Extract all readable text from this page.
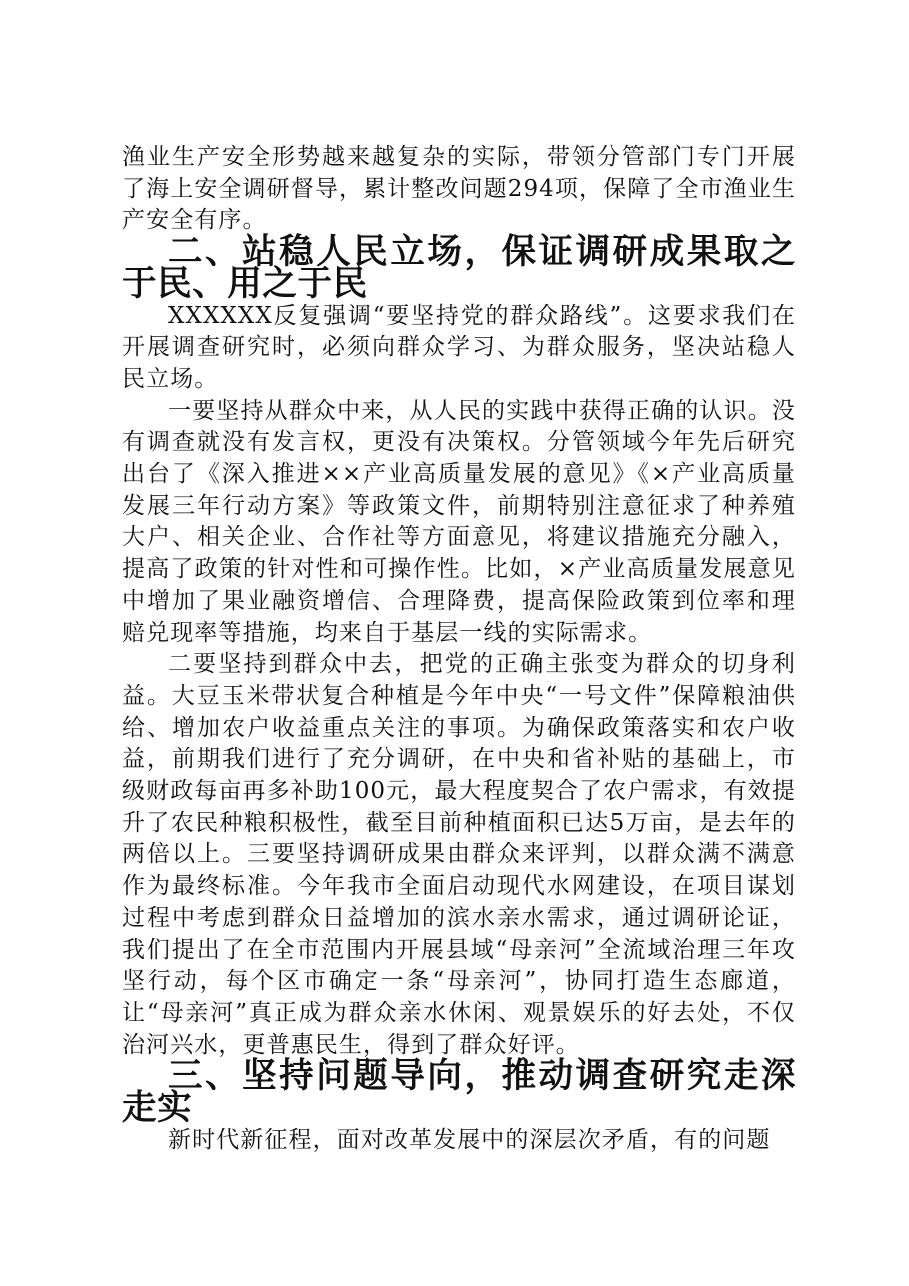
渔业生产安全形势越来越复杂的实际，带领分管部门专门开展了海上安全调研督导，累计整改问题294项，保障了全市渔业生产安全有序。

二、站稳人民立场，保证调研成果取之于民、用之于民

XXXXXX反复强调“要坚持党的群众路线”。这要求我们在开展调查研究时，必须向群众学习、为群众服务，坚决站稳人民立场。

一要坚持从群众中来，从人民的实践中获得正确的认识。没有调查就没有发言权，更没有决策权。分管领域今年先后研究出台了《深入推进××产业高质量发展的意见》《×产业高质量发展三年行动方案》等政策文件，前期特别注意征求了种养殖大户、相关企业、合作社等方面意见，将建议措施充分融入，提高了政策的针对性和可操作性。比如，×产业高质量发展意见中增加了果业融资增信、合理降费，提高保险政策到位率和理赔兑现率等措施，均来自于基层一线的实际需求。

二要坚持到群众中去，把党的正确主张变为群众的切身利益。大豆玉米带状复合种植是今年中央“一号文件”保障粮油供给、增加农户收益重点关注的事项。为确保政策落实和农户收益，前期我们进行了充分调研，在中央和省补贴的基础上，市级财政每亩再多补助100元，最大程度契合了农户需求，有效提升了农民种粮积极性，截至目前种植面积已达5万亩，是去年的两倍以上。三要坚持调研成果由群众来评判，以群众满不满意作为最终标准。今年我市全面启动现代水网建设，在项目谋划过程中考虑到群众日益增加的滨水亲水需求，通过调研论证，我们提出了在全市范围内开展县域“母亲河”全流域治理三年攻坚行动，每个区市确定一条“母亲河”，协同打造生态廊道，让“母亲河”真正成为群众亲水休闲、观景娱乐的好去处，不仅治河兴水，更普惠民生，得到了群众好评。

三、坚持问题导向，推动调查研究走深走实

新时代新征程，面对改革发展中的深层次矛盾，有的问题
